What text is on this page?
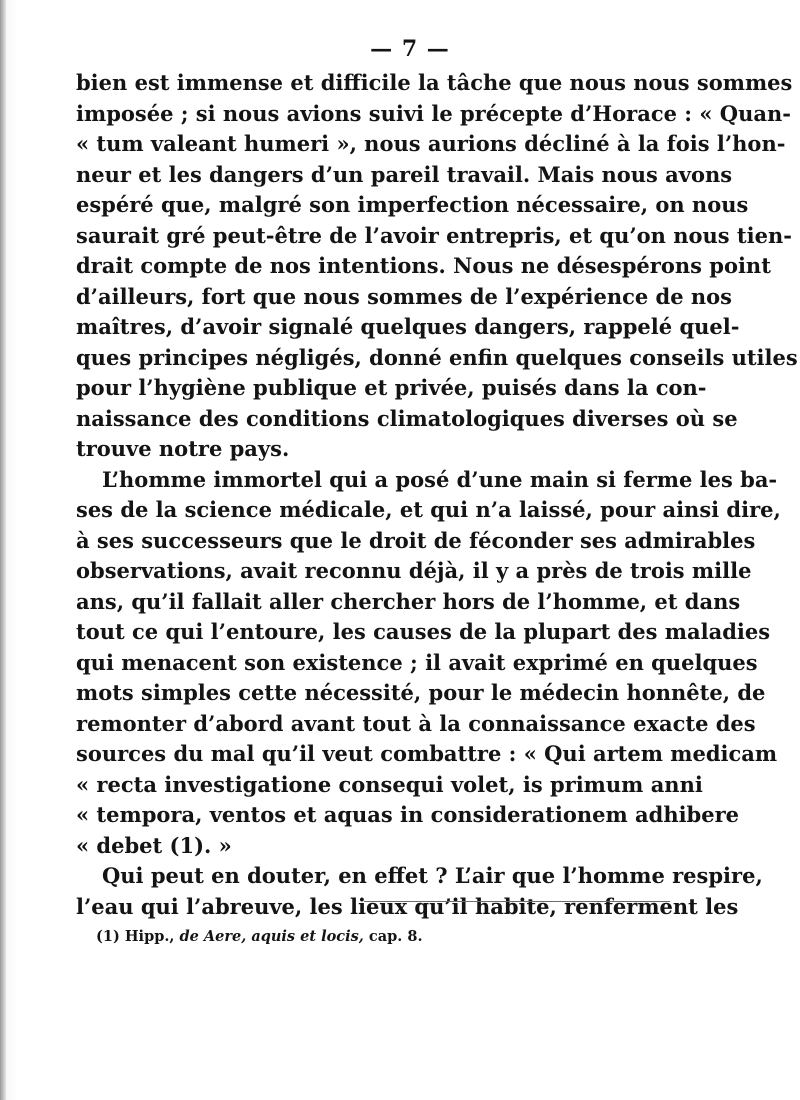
— 7 —
bien est immense et difficile la tâche que nous nous sommes
imposée ; si nous avions suivi le précepte d’Horace : « Quan-
« tum valeant humeri », nous aurions décliné à la fois l’hon-
neur et les dangers d’un pareil travail. Mais nous avons
espéré que, malgré son imperfection nécessaire, on nous
saurait gré peut-être de l’avoir entrepris, et qu’on nous tien-
drait compte de nos intentions. Nous ne désespérons point
d’ailleurs, fort que nous sommes de l’expérience de nos
maîtres, d’avoir signalé quelques dangers, rappelé quel-
ques principes négligés, donné enfin quelques conseils utiles
pour l’hygiène publique et privée, puisés dans la con-
naissance des conditions climatologiques diverses où se
trouve notre pays.
L’homme immortel qui a posé d’une main si ferme les ba-
ses de la science médicale, et qui n’a laissé, pour ainsi dire,
à ses successeurs que le droit de féconder ses admirables
observations, avait reconnu déjà, il y a près de trois mille
ans, qu’il fallait aller chercher hors de l’homme, et dans
tout ce qui l’entoure, les causes de la plupart des maladies
qui menacent son existence ; il avait exprimé en quelques
mots simples cette nécessité, pour le médecin honnête, de
remonter d’abord avant tout à la connaissance exacte des
sources du mal qu’il veut combattre : « Qui artem medicam
« recta investigatione consequi volet, is primum anni
« tempora, ventos et aquas in considerationem adhibere
« debet (1). »
Qui peut en douter, en effet ? L’air que l’homme respire,
l’eau qui l’abreuve, les lieux qu’il habite, renferment les
(1) Hipp., de Aere, aquis et locis, cap. 8.
